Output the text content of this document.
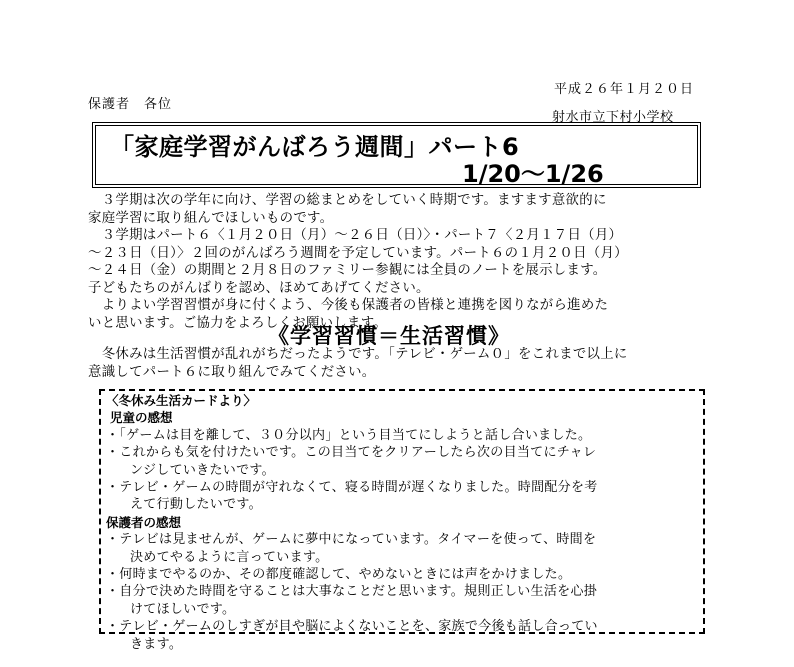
平成２６年１月２０日
保護者　各位
射水市立下村小学校
「家庭学習がんばろう週間」パート6
1/20～1/26

　３学期は次の学年に向け、学習の総まとめをしていく時期です。ますます意欲的に

家庭学習に取り組んでほしいものです。

　３学期はパート６〈１月２０日（月）～２６日（日）〉・パート７〈２月１７日（月）

～２３日（日）〉２回のがんばろう週間を予定しています。パート６の１月２０日（月）

～２４日（金）の期間と２月８日のファミリー参観には全員のノートを展示します。

子どもたちのがんばりを認め、ほめてあげてください。

　よりよい学習習慣が身に付くよう、今後も保護者の皆様と連携を図りながら進めた

いと思います。ご協力をよろしくお願いします。

《学習習慣＝生活習慣》

　冬休みは生活習慣が乱れがちだったようです。「テレビ・ゲーム０」をこれまで以上に

意識してパート６に取り組んでみてください。

〈冬休み生活カードより〉
児童の感想
・「ゲームは目を離して、３０分以内」という目当てにしようと話し合いました。
・これからも気を付けたいです。この目当てをクリアーしたら次の目当てにチャレ
ンジしていきたいです。
・テレビ・ゲームの時間が守れなくて、寝る時間が遅くなりました。時間配分を考
えて行動したいです。
保護者の感想
・テレビは見ませんが、ゲームに夢中になっています。タイマーを使って、時間を
決めてやるように言っています。
・何時までやるのか、その都度確認して、やめないときには声をかけました。
・自分で決めた時間を守ることは大事なことだと思います。規則正しい生活を心掛
けてほしいです。
・テレビ・ゲームのしすぎが目や脳によくないことを、家族で今後も話し合ってい
きます。
